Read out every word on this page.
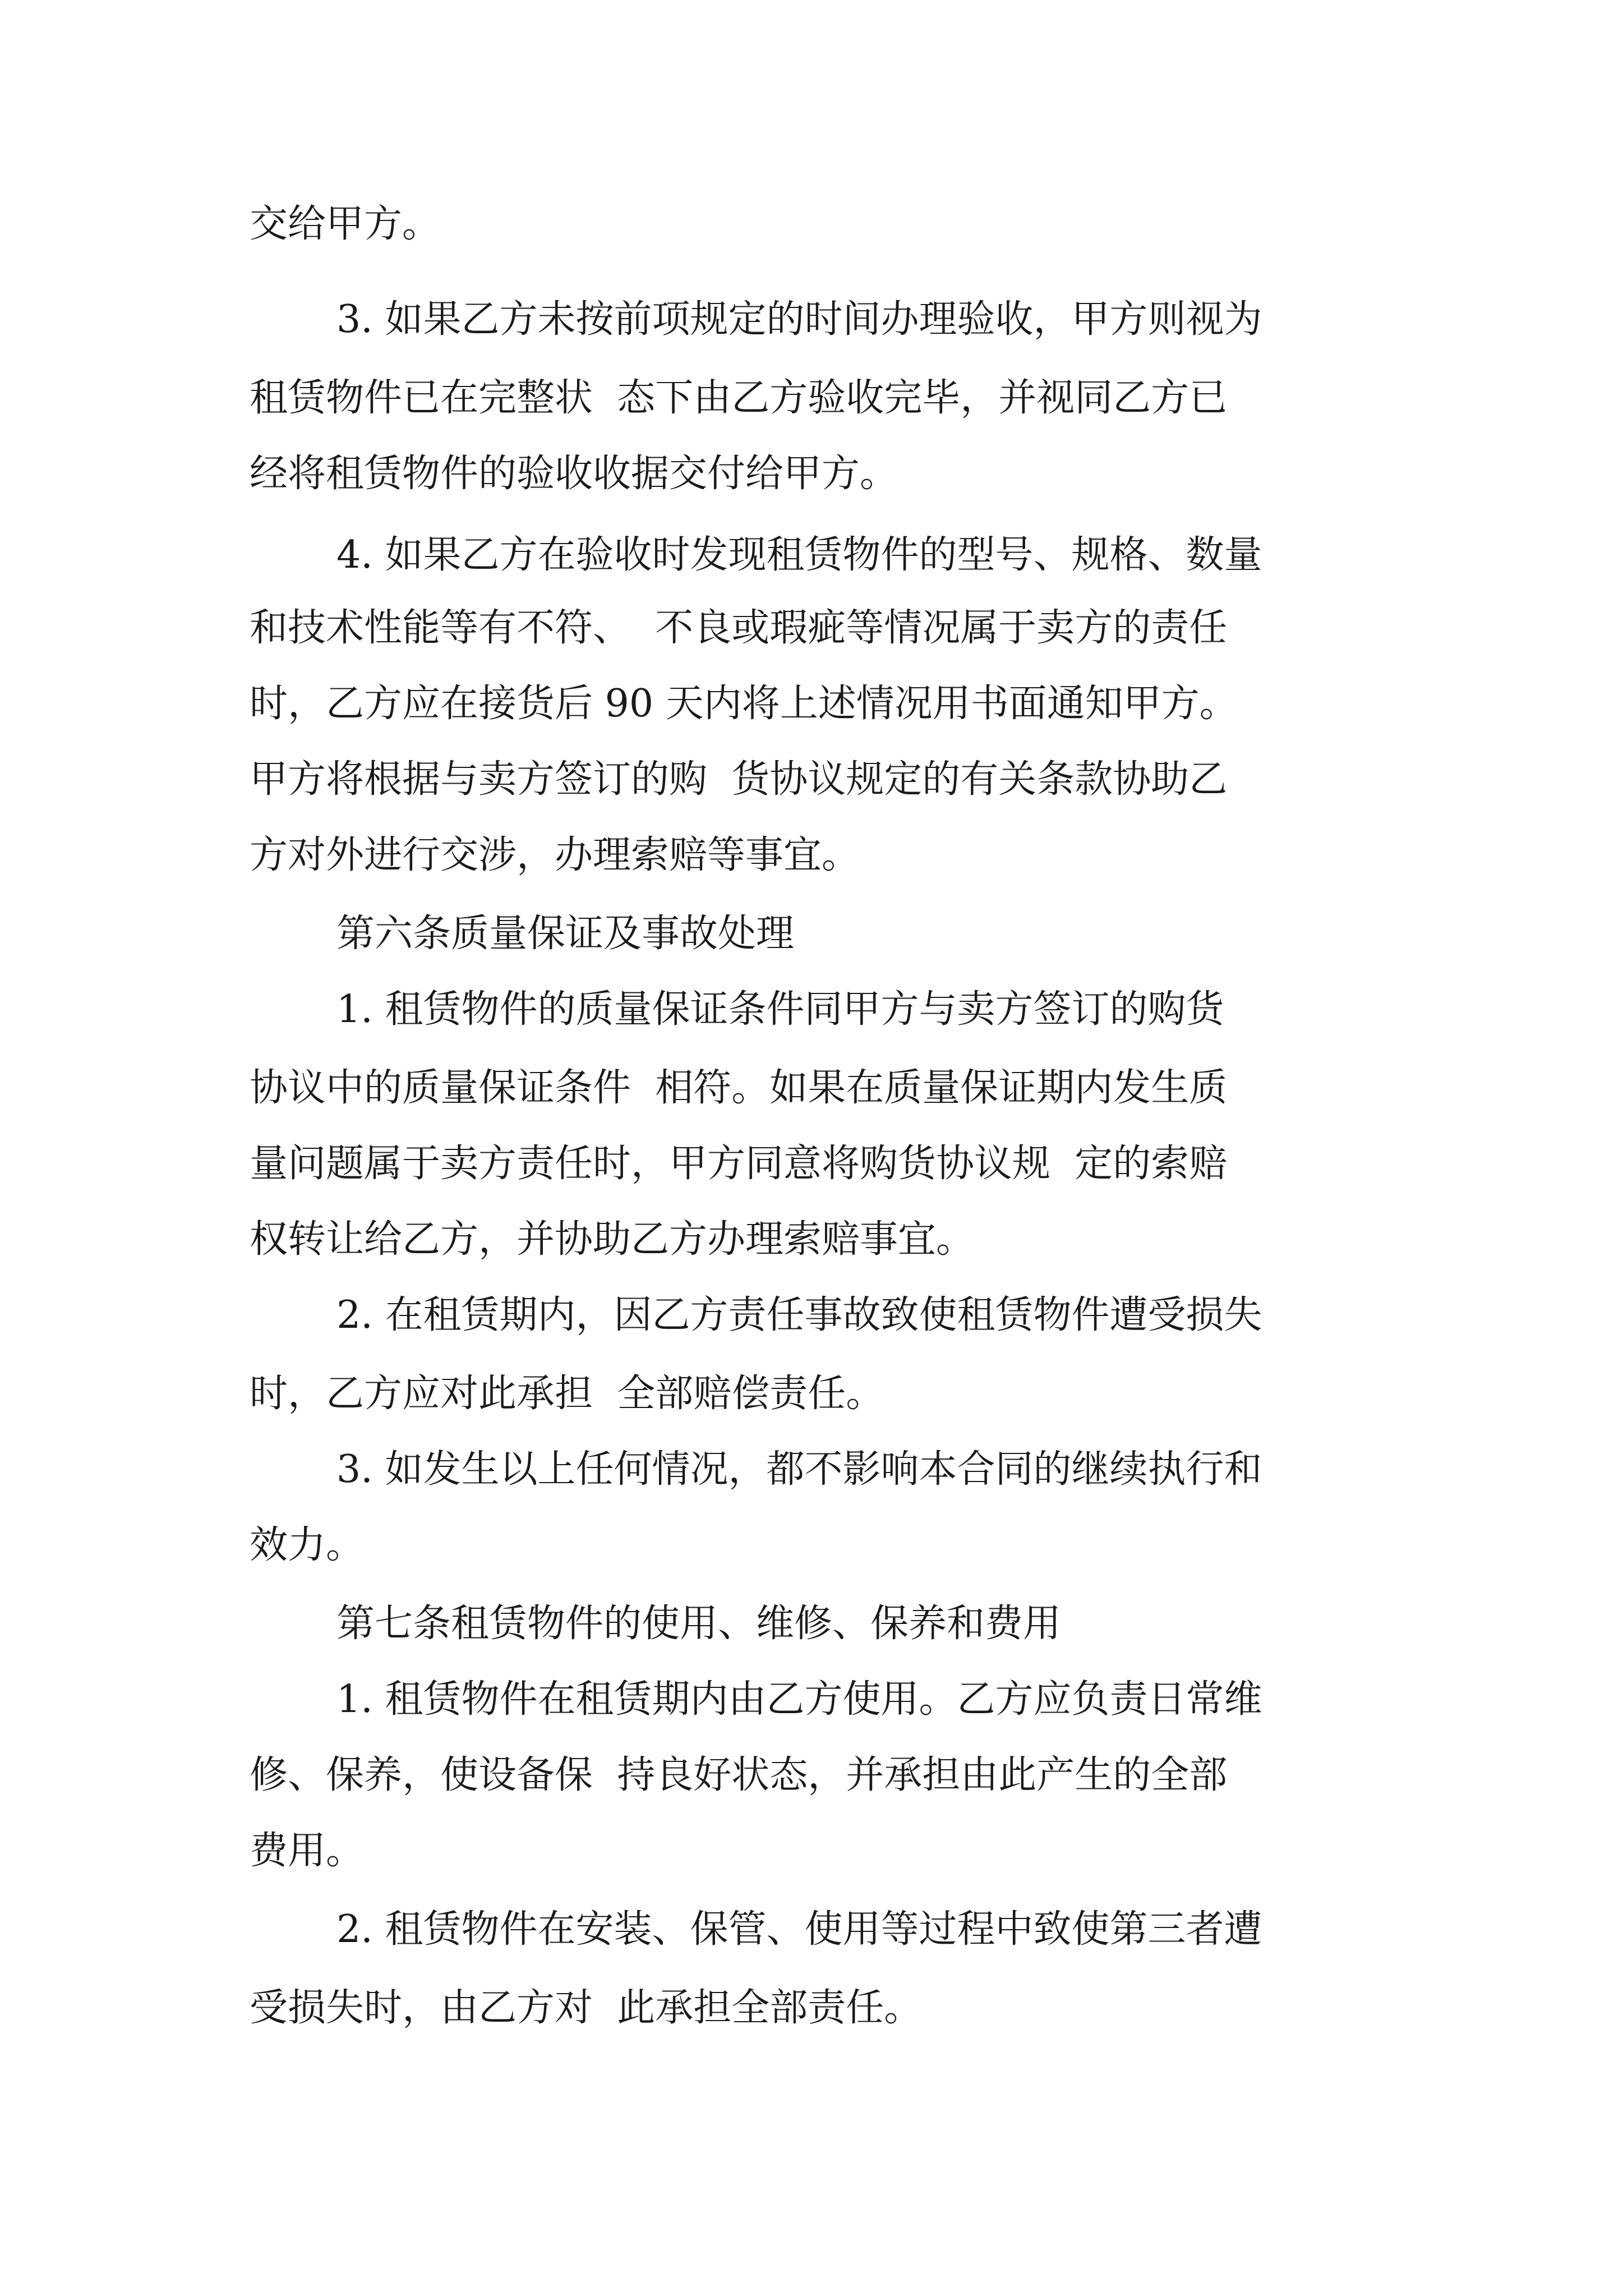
交给甲方。

3. 如果乙方未按前项规定的时间办理验收，甲方则视为

租赁物件已在完整状  态下由乙方验收完毕，并视同乙方已

经将租赁物件的验收收据交付给甲方。

4. 如果乙方在验收时发现租赁物件的型号、规格、数量

和技术性能等有不符、  不良或瑕疵等情况属于卖方的责任

时，乙方应在接货后 90 天内将上述情况用书面通知甲方。

甲方将根据与卖方签订的购  货协议规定的有关条款协助乙

方对外进行交涉，办理索赔等事宜。

第六条质量保证及事故处理

1. 租赁物件的质量保证条件同甲方与卖方签订的购货

协议中的质量保证条件  相符。如果在质量保证期内发生质

量问题属于卖方责任时，甲方同意将购货协议规  定的索赔

权转让给乙方，并协助乙方办理索赔事宜。

2. 在租赁期内，因乙方责任事故致使租赁物件遭受损失

时，乙方应对此承担  全部赔偿责任。

3. 如发生以上任何情况，都不影响本合同的继续执行和

效力。

第七条租赁物件的使用、维修、保养和费用

1. 租赁物件在租赁期内由乙方使用。乙方应负责日常维

修、保养，使设备保  持良好状态，并承担由此产生的全部

费用。

2. 租赁物件在安装、保管、使用等过程中致使第三者遭

受损失时，由乙方对  此承担全部责任。
